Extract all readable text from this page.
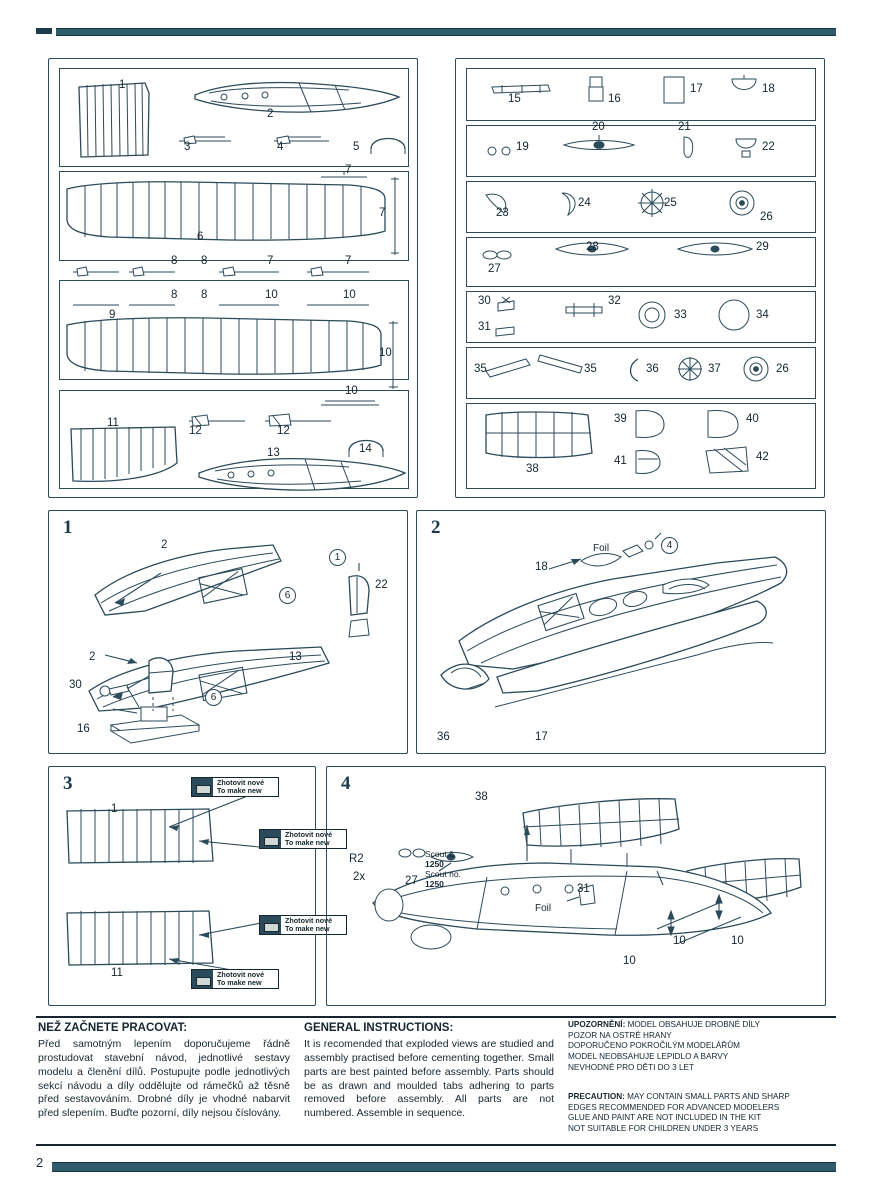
1
2
3	4	5
7
7
6
8 8	7	7
8 8	10	10
9
10
10
11
12	12
14
13
15	16
17	18
19
20	21
22
23
24	25
26
27
28	29
30
31
32
33	34
35	35	36	37	26
38
39	40
41	42
1
2
1
6
22
2
30
13
6
16
2
18
4
Foil
36	17
3
1
11
Zhotovit nové
To make new
Zhotovit nové
To make new
Zhotovit nové
To make new
Zhotovit nové
To make new
4
38
R2
2x	27
31
Foil
10
10	10
Scout č.
1250
Scout no.
1250
NEŽ ZAČNETE PRACOVAT:
Před samotným lepením doporučujeme řádně prostudovat stavební návod, jednotlivé sestavy modelu a členění dílů. Postupujte podle jednotlivých sekcí návodu a díly oddělujte od rámečků až těsně před sestavováním. Drobné díly je vhodné nabarvit před slepením. Buďte pozorní, díly nejsou číslovány.
GENERAL INSTRUCTIONS:
It is recomended that exploded views are studied and assembly practised before cementing together. Small parts are best painted before assembly. Parts should be as drawn and moulded tabs adhering to parts removed before assembly. All parts are not numbered. Assemble in sequence.
UPOZORNĚNÍ: MODEL OBSAHUJE DROBNÉ DÍLY
POZOR NA OSTRÉ HRANY
DOPORUČENO POKROČILÝM MODELÁŘŮM
MODEL NEOBSAHUJE LEPIDLO A BARVY
NEVHODNÉ PRO DĚTI DO 3 LET
PRECAUTION: MAY CONTAIN SMALL PARTS AND SHARP
EDGES RECOMMENDED FOR ADVANCED MODELERS
GLUE AND PAINT ARE NOT INCLUDED IN THE KIT
NOT SUITABLE FOR CHILDREN UNDER 3 YEARS
2
